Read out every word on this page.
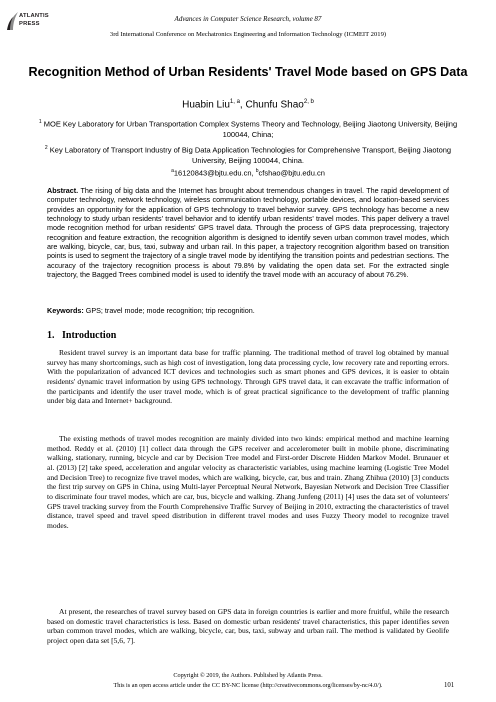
ATLANTIS
PRESS
Advances in Computer Science Research, volume 87
3rd International Conference on Mechatronics Engineering and Information Technology (ICMEIT 2019)
Recognition Method of Urban Residents' Travel Mode based on GPS Data
Huabin Liu$^{1, a}$, Chunfu Shao$^{2, b}$
$^1$ MOE Key Laboratory for Urban Transportation Complex Systems Theory and Technology, Beijing Jiaotong University, Beijing 100044, China;
$^2$ Key Laboratory of Transport Industry of Big Data Application Technologies for Comprehensive Transport, Beijing Jiaotong University, Beijing 100044, China.
$^a$16120843@bjtu.edu.cn, $^b$cfshao@bjtu.edu.cn

Abstract. The rising of big data and the Internet has brought about tremendous changes in travel. The rapid development of computer technology, network technology, wireless communication technology, portable devices, and location-based services provides an opportunity for the application of GPS technology to travel behavior survey. GPS technology has become a new technology to study urban residents' travel behavior and to identify urban residents' travel modes. This paper delivery a travel mode recognition method for urban residents' GPS travel data. Through the process of GPS data preprocessing, trajectory recognition and feature extraction, the recognition algorithm is designed to identify seven urban common travel modes, which are walking, bicycle, car, bus, taxi, subway and urban rail. In this paper, a trajectory recognition algorithm based on transition points is used to segment the trajectory of a single travel mode by identifying the transition points and pedestrian sections. The accuracy of the trajectory recognition process is about 79.8% by validating the open data set. For the extracted single trajectory, the Bagged Trees combined model is used to identify the travel mode with an accuracy of about 76.2%.

Keywords: GPS; travel mode; mode recognition; trip recognition.

1. Introduction

Resident travel survey is an important data base for traffic planning. The traditional method of travel log obtained by manual survey has many shortcomings, such as high cost of investigation, long data processing cycle, low recovery rate and reporting errors. With the popularization of advanced ICT devices and technologies such as smart phones and GPS devices, it is easier to obtain residents' dynamic travel information by using GPS technology. Through GPS travel data, it can excavate the traffic information of the participants and identify the user travel mode, which is of great practical significance to the development of traffic planning under big data and Internet+ background.

The existing methods of travel modes recognition are mainly divided into two kinds: empirical method and machine learning method. Reddy et al. (2010) [1] collect data through the GPS receiver and accelerometer built in mobile phone, discriminating walking, stationary, running, bicycle and car by Decision Tree model and First-order Discrete Hidden Markov Model. Brunauer et al. (2013) [2] take speed, acceleration and angular velocity as characteristic variables, using machine learning (Logistic Tree Model and Decision Tree) to recognize five travel modes, which are walking, bicycle, car, bus and train. Zhang Zhihua (2010) [3] conducts the first trip survey on GPS in China, using Multi-layer Perceptual Neural Network, Bayesian Network and Decision Tree Classifier to discriminate four travel modes, which are car, bus, bicycle and walking. Zhang Junfeng (2011) [4] uses the data set of volunteers' GPS travel tracking survey from the Fourth Comprehensive Traffic Survey of Beijing in 2010, extracting the characteristics of travel distance, travel speed and travel speed distribution in different travel modes and uses Fuzzy Theory model to recognize travel modes.

At present, the researches of travel survey based on GPS data in foreign countries is earlier and more fruitful, while the research based on domestic travel characteristics is less. Based on domestic urban residents' travel characteristics, this paper identifies seven urban common travel modes, which are walking, bicycle, car, bus, taxi, subway and urban rail. The method is validated by Geolife project open data set [5,6, 7].

Copyright © 2019, the Authors. Published by Atlantis Press.
This is an open access article under the CC BY-NC license (http://creativecommons.org/licenses/by-nc/4.0/).	101
